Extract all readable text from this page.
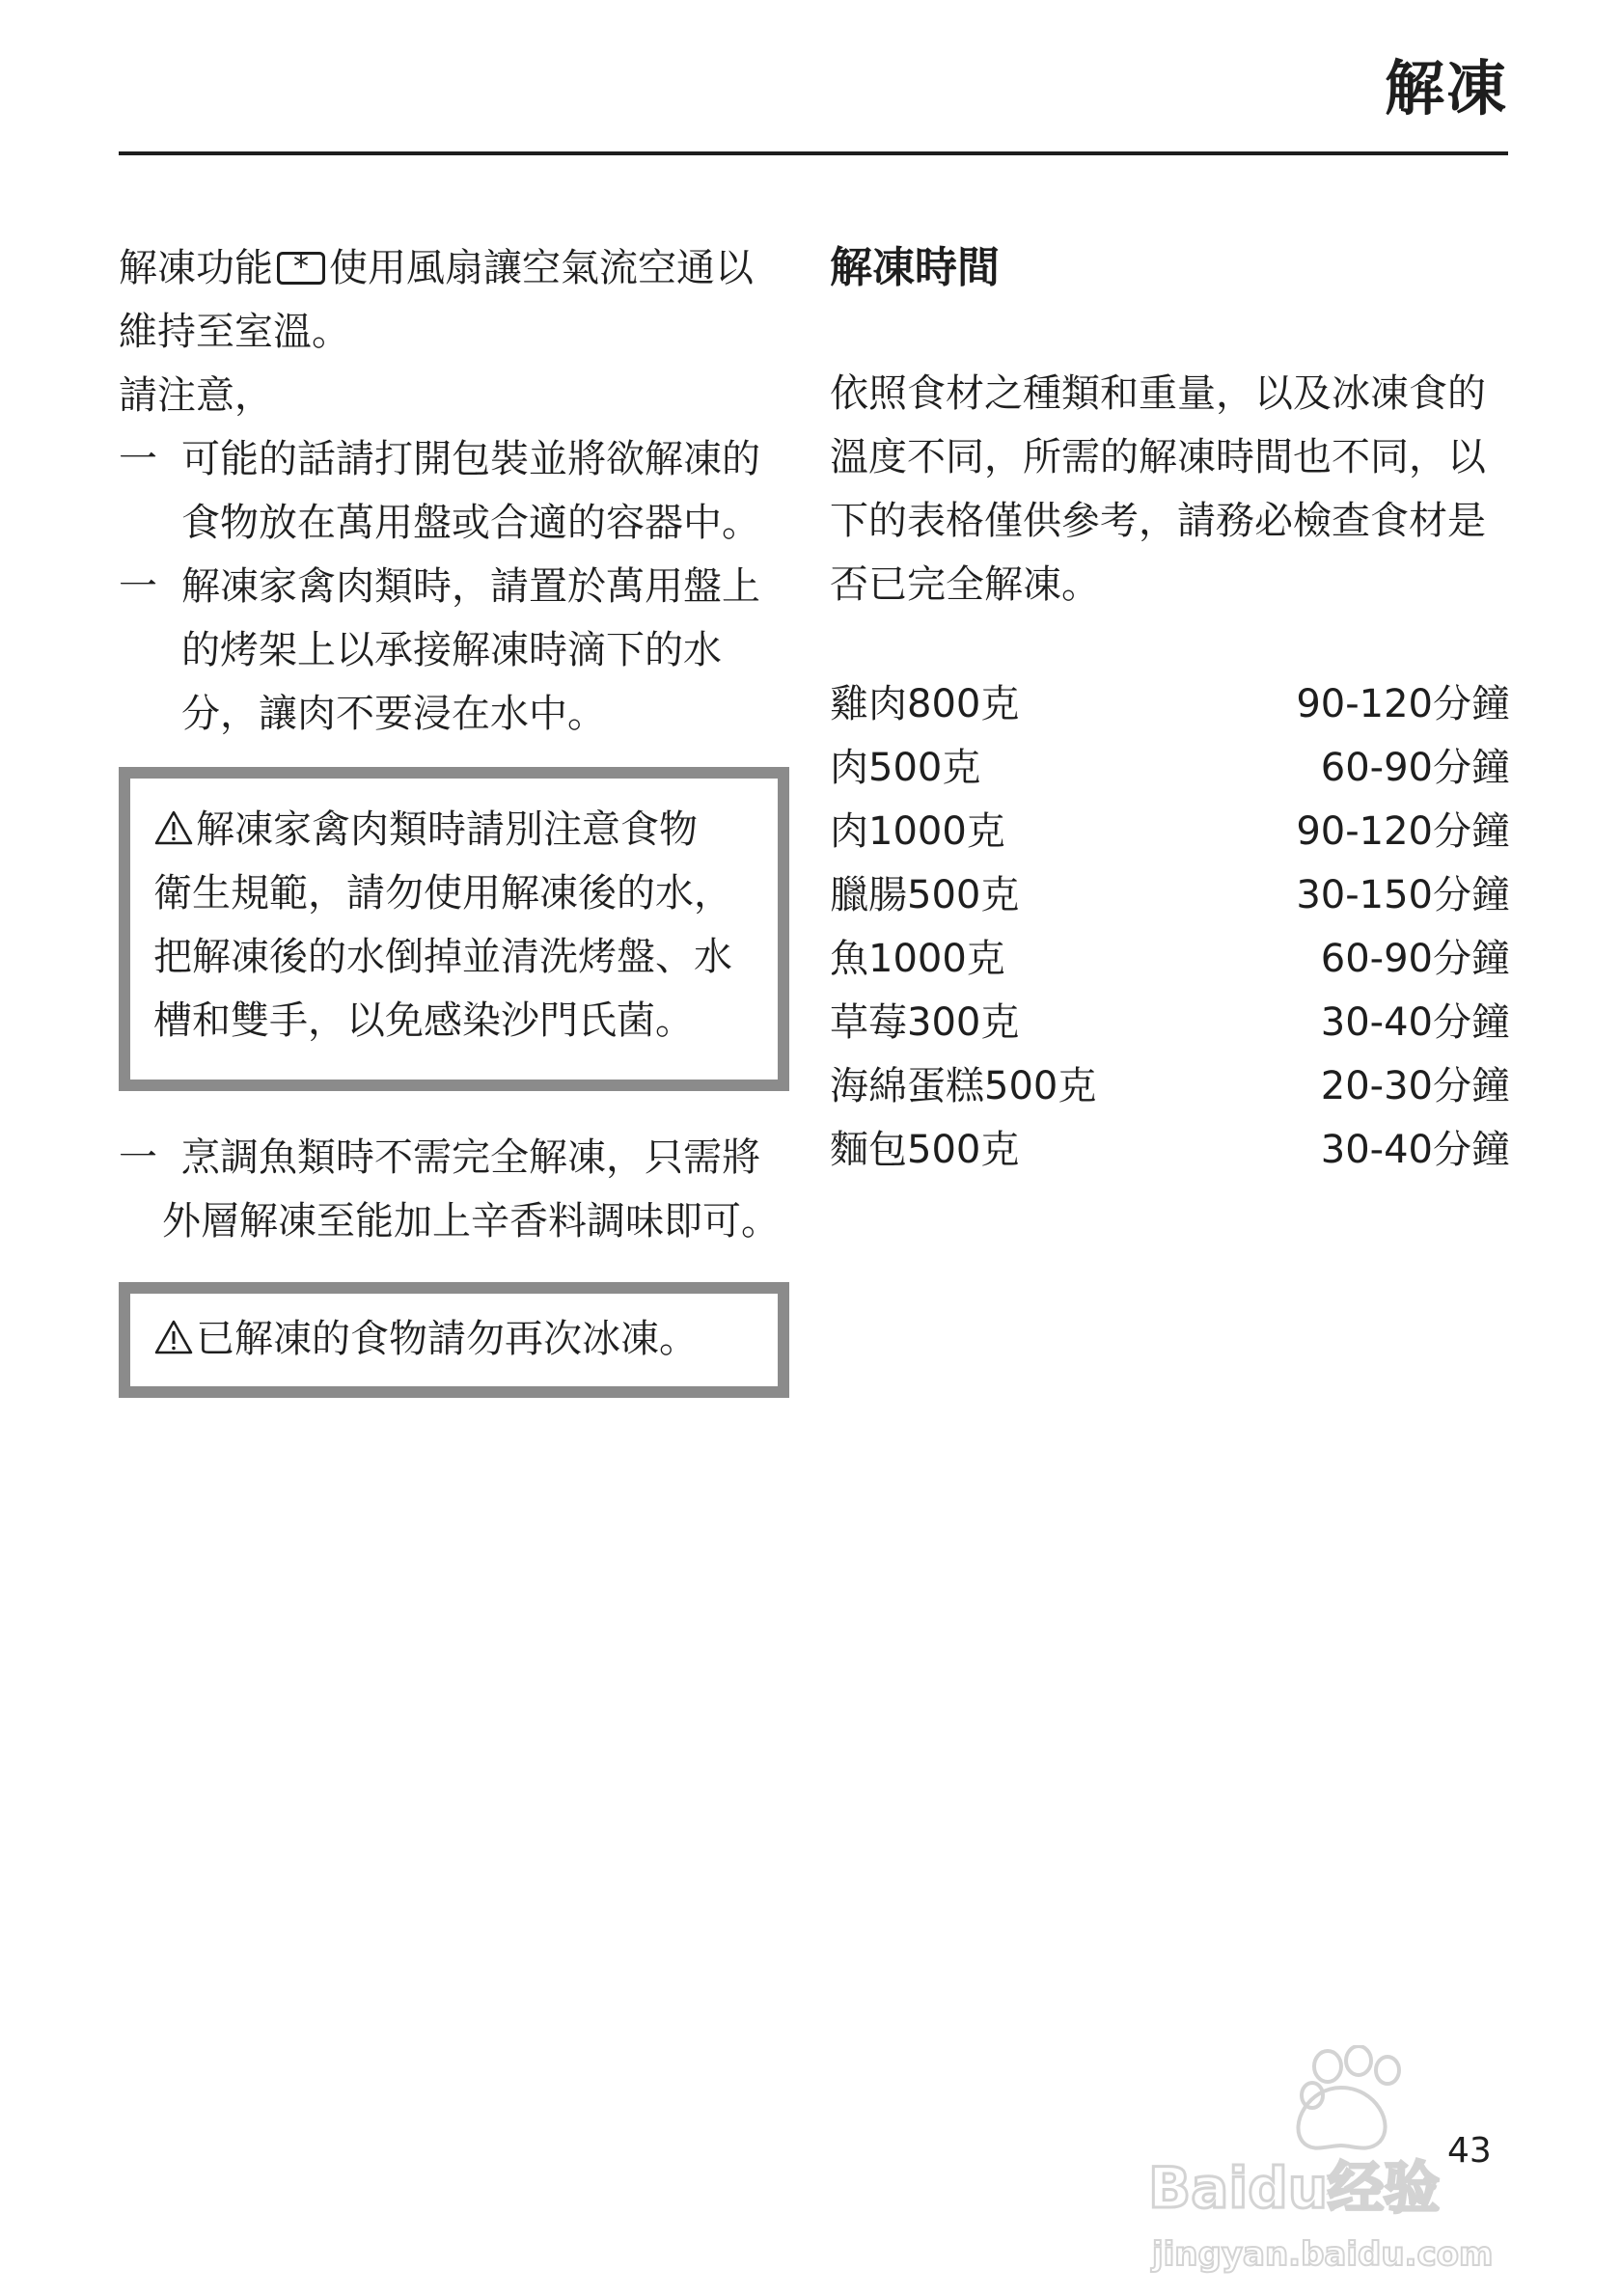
解凍

解凍功能* 使用風扇讓空氣流空通以
維持至室溫。

請注意，

一 可能的話請打開包裝並將欲解凍的
食物放在萬用盤或合適的容器中。
一 解凍家禽肉類時，請置於萬用盤上
的烤架上以承接解凍時滴下的水
分，讓肉不要浸在水中。

解凍家禽肉類時請別注意食物
衛生規範，請勿使用解凍後的水，
把解凍後的水倒掉並清洗烤盤、水
槽和雙手，以免感染沙門氏菌。

一 烹調魚類時不需完全解凍，只需將
外層解凍至能加上辛香料調味即可。

已解凍的食物請勿再次冰凍。

解凍時間

依照食材之種類和重量，以及冰凍食的
溫度不同，所需的解凍時間也不同，以
下的表格僅供參考，請務必檢查食材是
否已完全解凍。

雞肉800克	90-120分鐘
肉500克	60-90分鐘
肉1000克	90-120分鐘
臘腸500克	30-150分鐘
魚1000克	60-90分鐘
草莓300克	30-40分鐘
海綿蛋糕500克	20-30分鐘
麵包500克	30-40分鐘
Baidu经验
jingyan.baidu.com
43
